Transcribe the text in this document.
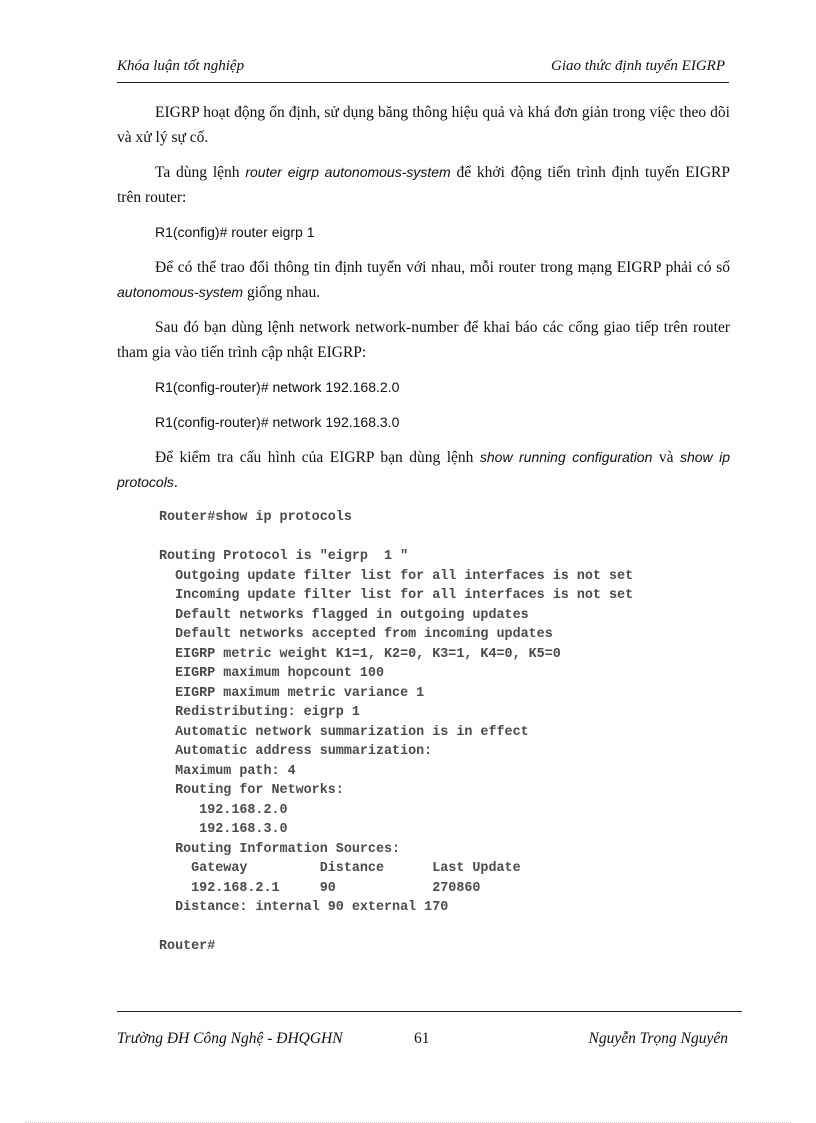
Khóa luận tốt nghiệp	Giao thức định tuyến EIGRP

EIGRP hoạt động ổn định, sử dụng băng thông hiệu quả và khá đơn giản trong việc theo dõi và xử lý sự cố.

Ta dùng lệnh router eigrp autonomous-system để khởi động tiến trình định tuyến EIGRP trên router:

R1(config)# router eigrp 1

Để có thể trao đổi thông tin định tuyến với nhau, mỗi router trong mạng EIGRP phải có số autonomous-system giống nhau.

Sau đó bạn dùng lệnh network network-number để khai báo các cổng giao tiếp trên router tham gia vào tiến trình cập nhật EIGRP:

R1(config-router)# network 192.168.2.0

R1(config-router)# network 192.168.3.0

Để kiểm tra cấu hình của EIGRP bạn dùng lệnh show running configuration và show ip protocols.

Router#show ip protocols

Routing Protocol is "eigrp  1 "
Outgoing update filter list for all interfaces is not set
Incoming update filter list for all interfaces is not set
Default networks flagged in outgoing updates
Default networks accepted from incoming updates
EIGRP metric weight K1=1, K2=0, K3=1, K4=0, K5=0
EIGRP maximum hopcount 100
EIGRP maximum metric variance 1
Redistributing: eigrp 1
Automatic network summarization is in effect
Automatic address summarization:
Maximum path: 4
Routing for Networks:
192.168.2.0
192.168.3.0
Routing Information Sources:
Gateway         Distance      Last Update
192.168.2.1     90            270860
Distance: internal 90 external 170

Router#
Trường ĐH Công Nghệ - ĐHQGHN	61	Nguyễn Trọng Nguyên
